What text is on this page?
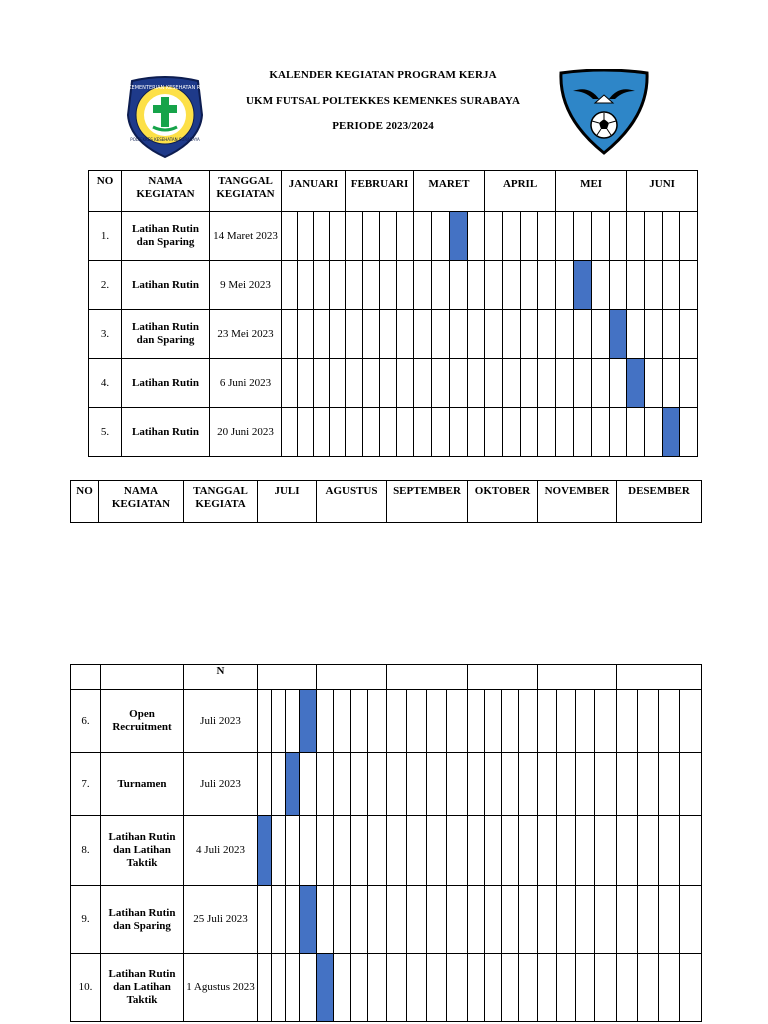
KALENDER KEGIATAN PROGRAM KERJA
UKM FUTSAL POLTEKKES KEMENKES SURABAYA
PERIODE 2023/2024
KEMENTERIAN KESEHATAN RI
POLTEKKES KESEHATAN SURABAYA
NO	NAMA KEGIATAN	TANGGAL KEGIATAN	JANUARI				FEBRUARI				MARET				APRIL				MEI				JUNI			
1.	Latihan Rutin dan Sparing	14 Maret 2023																								
2.	Latihan Rutin	9 Mei 2023																								
3.	Latihan Rutin dan Sparing	23 Mei 2023																								
4.	Latihan Rutin	6 Juni 2023																								
5.	Latihan Rutin	20 Juni 2023																								
NO	NAMA KEGIATAN	TANGGAL KEGIATA	JULI	AGUSTUS	SEPTEMBER	OKTOBER	NOVEMBER	DESEMBER
		N																								
6.	Open Recruitment	Juli 2023																								
7.	Turnamen	Juli 2023																								
8.	Latihan Rutin dan Latihan Taktik	4 Juli 2023																								
9.	Latihan Rutin dan Sparing	25 Juli 2023																								
10.	Latihan Rutin dan Latihan Taktik	1 Agustus 2023																								
